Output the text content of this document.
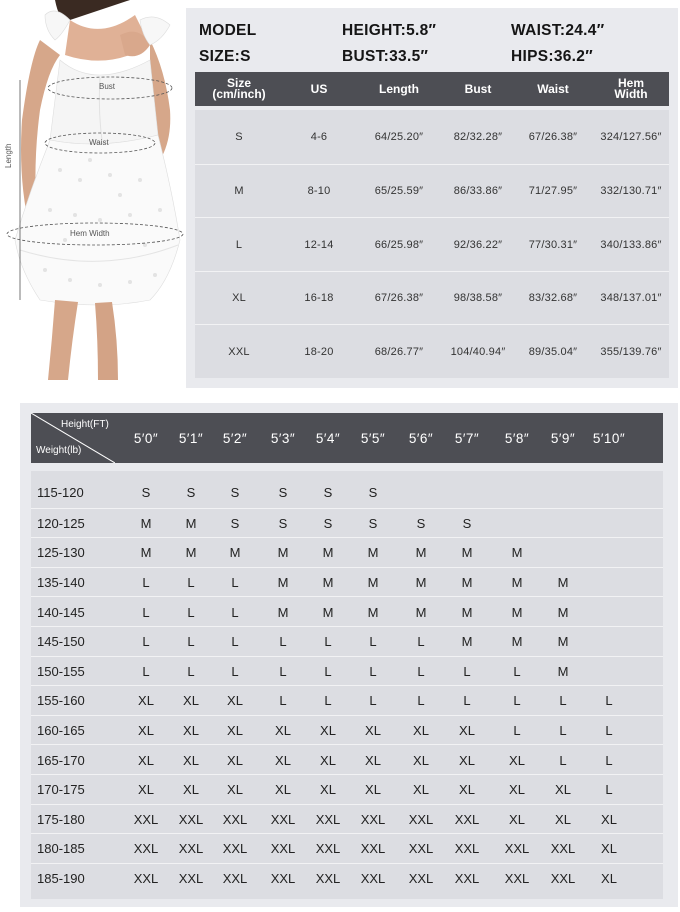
Bust
Waist
Hem Width
Length
MODEL
SIZE:S
HEIGHT:5.8″
BUST:33.5″
WAIST:24.4″
HIPS:36.2″
Size
(cm/inch)	US	Length	Bust	Waist	Hem
Width
S	4-6	64/25.20″	82/32.28″	67/26.38″	324/127.56″
M	8-10	65/25.59″	86/33.86″	71/27.95″	332/130.71″
L	12-14	66/25.98″	92/36.22″	77/30.31″	340/133.86″
XL	16-18	67/26.38″	98/38.58″	83/32.68″	348/137.01″
XXL	18-20	68/26.77″	104/40.94″	89/35.04″	355/139.76″
Height(FT)
Weight(lb)
5′0″	5′1″	5′2″	5′3″	5′4″	5′5″	5′6″	5′7″	5′8″	5′9″	5′10″
115-120	S	S	S	S	S	S
120-125	M	M	S	S	S	S	S	S
125-130	M	M	M	M	M	M	M	M	M
135-140	L	L	L	M	M	M	M	M	M	M
140-145	L	L	L	M	M	M	M	M	M	M
145-150	L	L	L	L	L	L	L	M	M	M
150-155	L	L	L	L	L	L	L	L	L	M
155-160	XL	XL	XL	L	L	L	L	L	L	L	L
160-165	XL	XL	XL	XL	XL	XL	XL	XL	L	L	L
165-170	XL	XL	XL	XL	XL	XL	XL	XL	XL	L	L
170-175	XL	XL	XL	XL	XL	XL	XL	XL	XL	XL	L
175-180	XXL	XXL	XXL	XXL	XXL	XXL	XXL	XXL	XL	XL	XL
180-185	XXL	XXL	XXL	XXL	XXL	XXL	XXL	XXL	XXL	XXL	XL
185-190	XXL	XXL	XXL	XXL	XXL	XXL	XXL	XXL	XXL	XXL	XL
